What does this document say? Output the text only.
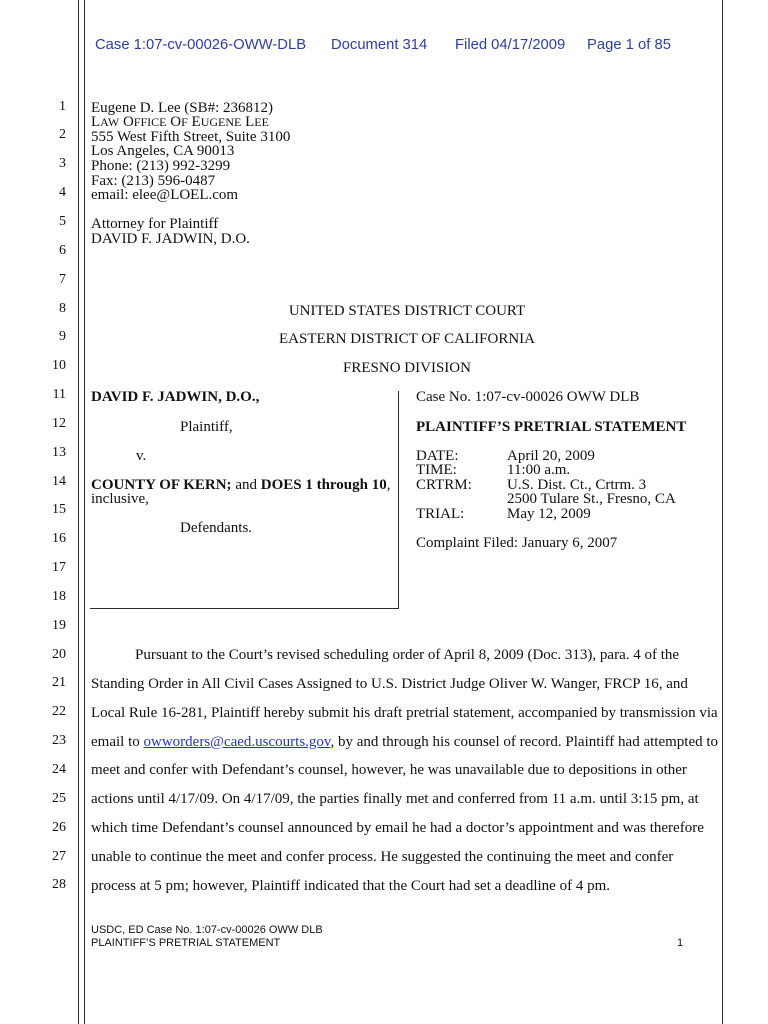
Case 1:07-cv-00026-OWW-DLB Document 314 Filed 04/17/2009 Page 1 of 85
1
2
3
4
5
6
7
8
9
10
11
12
13
14
15
16
17
18
19
20
21
22
23
24
25
26
27
28
Eugene D. Lee (SB#: 236812)
LAW OFFICE OF EUGENE LEE
555 West Fifth Street, Suite 3100
Los Angeles, CA 90013
Phone: (213) 992-3299
Fax: (213) 596-0487
email: elee@LOEL.com
Attorney for Plaintiff
DAVID F. JADWIN, D.O.
UNITED STATES DISTRICT COURT
EASTERN DISTRICT OF CALIFORNIA
FRESNO DIVISION
DAVID F. JADWIN, D.O.,
Plaintiff,
v.
COUNTY OF KERN; and DOES 1 through 10,
inclusive,
Defendants.
Case No. 1:07-cv-00026 OWW DLB
PLAINTIFF’S PRETRIAL STATEMENT
DATE:	April 20, 2009
TIME:	11:00 a.m.
CRTRM: U.S. Dist. Ct., Crtrm. 3
2500 Tulare St., Fresno, CA
TRIAL:	May 12, 2009
Complaint Filed: January 6, 2007
Pursuant to the Court’s revised scheduling order of April 8, 2009 (Doc. 313), para. 4 of the
Standing Order in All Civil Cases Assigned to U.S. District Judge Oliver W. Wanger, FRCP 16, and
Local Rule 16-281, Plaintiff hereby submit his draft pretrial statement, accompanied by transmission via
email to owworders@caed.uscourts.gov, by and through his counsel of record. Plaintiff had attempted to
meet and confer with Defendant’s counsel, however, he was unavailable due to depositions in other
actions until 4/17/09. On 4/17/09, the parties finally met and conferred from 11 a.m. until 3:15 pm, at
which time Defendant’s counsel announced by email he had a doctor’s appointment and was therefore
unable to continue the meet and confer process. He suggested the continuing the meet and confer
process at 5 pm; however, Plaintiff indicated that the Court had set a deadline of 4 pm.
USDC, ED Case No. 1:07-cv-00026 OWW DLB
PLAINTIFF’S PRETRIAL STATEMENT	1
